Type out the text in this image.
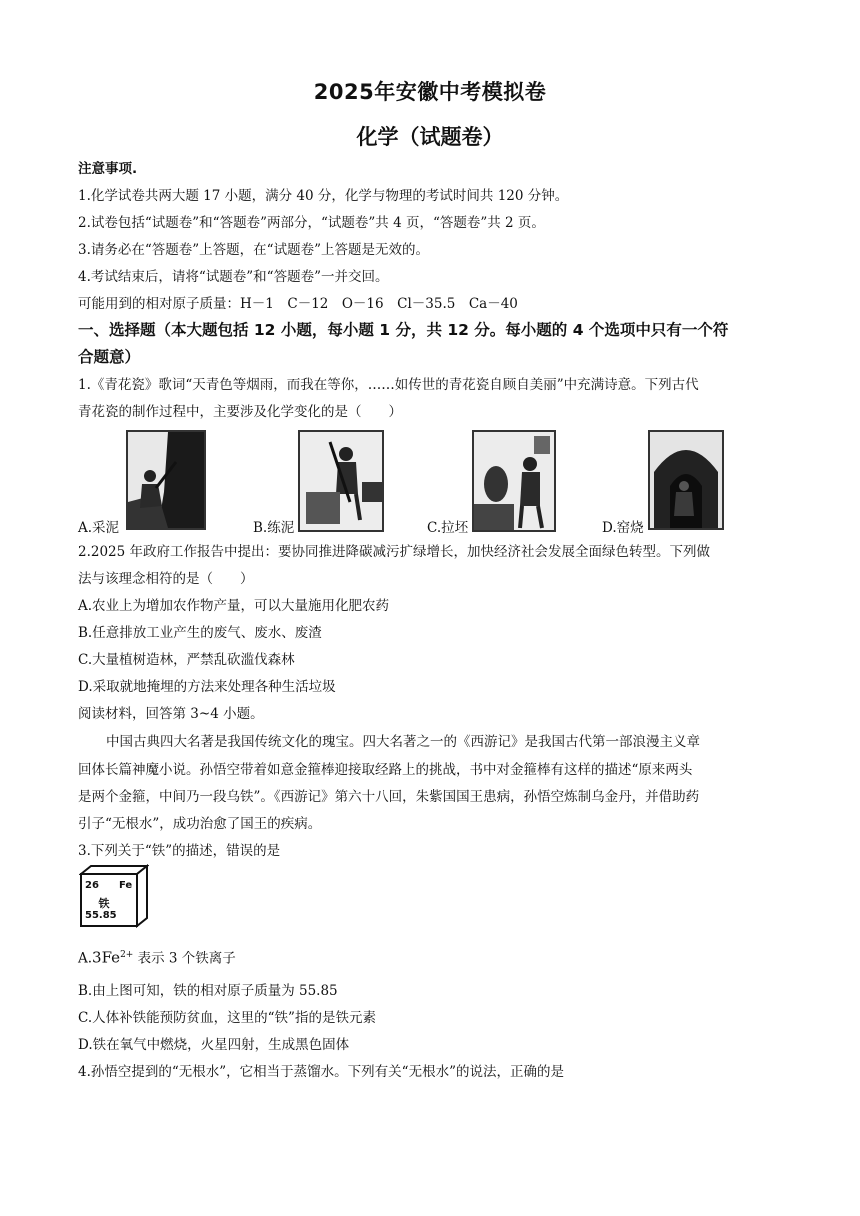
2025年安徽中考模拟卷
化学（试题卷）
注意事项.
1.化学试卷共两大题 17 小题，满分 40 分，化学与物理的考试时间共 120 分钟。
2.试卷包括“试题卷”和“答题卷”两部分，“试题卷”共 4 页，“答题卷”共 2 页。
3.请务必在“答题卷”上答题，在“试题卷”上答题是无效的。
4.考试结束后，请将“试题卷”和“答题卷”一并交回。
可能用到的相对原子质量：H－1　C－12　O－16　Cl－35.5　Ca－40
一、选择题（本大题包括 12 小题，每小题 1 分，共 12 分。每小题的 4 个选项中只有一个符
合题意）
1.《青花瓷》歌词“天青色等烟雨，而我在等你，……如传世的青花瓷自顾自美丽”中充满诗意。下列古代
青花瓷的制作过程中，主要涉及化学变化的是（　　）
A.采泥	B.练泥	C.拉坯	D.窑烧
2.2025 年政府工作报告中提出：要协同推进降碳减污扩绿增长，加快经济社会发展全面绿色转型。下列做
法与该理念相符的是（　　）
A.农业上为增加农作物产量，可以大量施用化肥农药
B.任意排放工业产生的废气、废水、废渣
C.大量植树造林，严禁乱砍滥伐森林
D.采取就地掩埋的方法来处理各种生活垃圾
阅读材料，回答第 3~4 小题。
中国古典四大名著是我国传统文化的瑰宝。四大名著之一的《西游记》是我国古代第一部浪漫主义章
回体长篇神魔小说。孙悟空带着如意金箍棒迎接取经路上的挑战，书中对金箍棒有这样的描述“原来两头
是两个金箍，中间乃一段乌铁”。《西游记》第六十八回，朱紫国国王患病，孙悟空炼制乌金丹，并借助药
引子“无根水”，成功治愈了国王的疾病。
3.下列关于“铁”的描述，错误的是
26 Fe
铁
55.85
$A.3Fe^{2+}$ 表示 3 个铁离子
B.由上图可知，铁的相对原子质量为 55.85
C.人体补铁能预防贫血，这里的“铁”指的是铁元素
D.铁在氧气中燃烧，火星四射，生成黑色固体
4.孙悟空提到的“无根水”，它相当于蒸馏水。下列有关“无根水”的说法，正确的是
